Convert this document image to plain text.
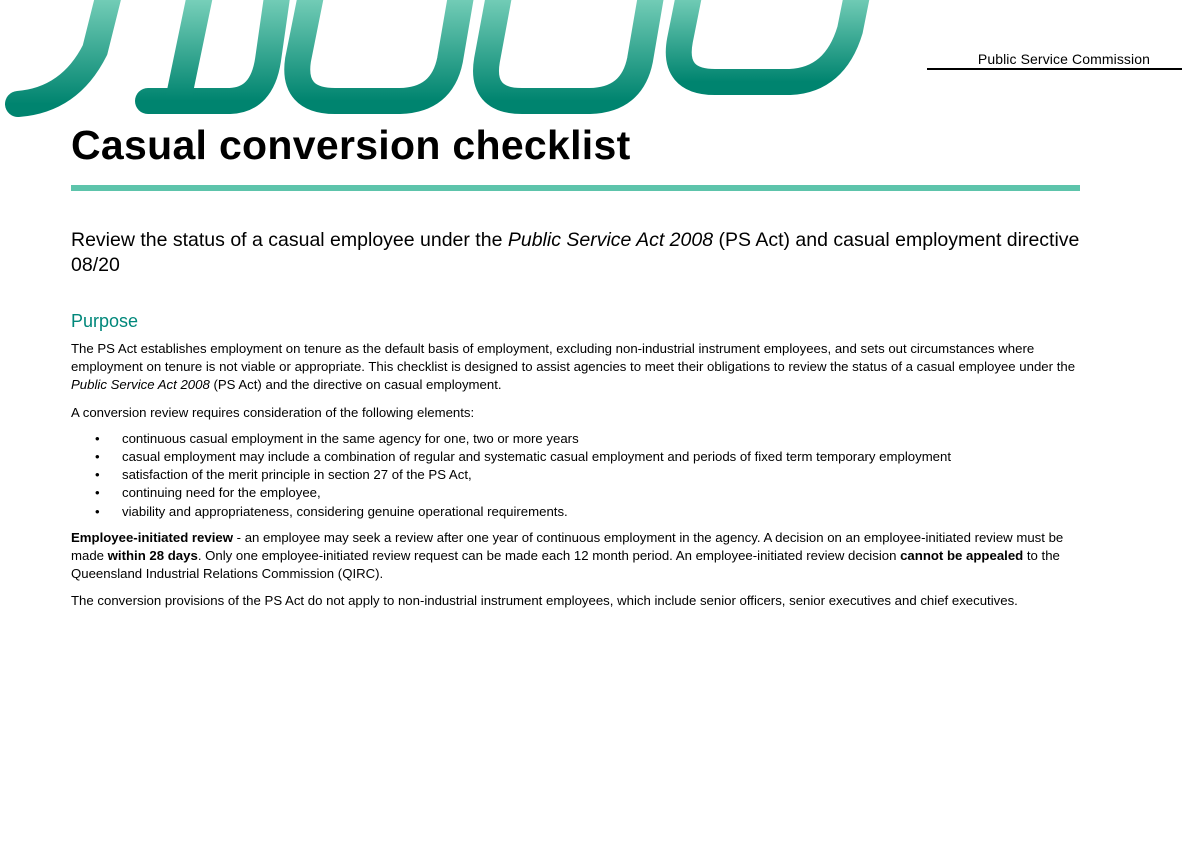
Public Service Commission
Casual conversion checklist

Review the status of a casual employee under the Public Service Act 2008 (PS Act) and casual employment directive 08/20

Purpose

The PS Act establishes employment on tenure as the default basis of employment, excluding non-industrial instrument employees, and sets out circumstances where employment on tenure is not viable or appropriate. This checklist is designed to assist agencies to meet their obligations to review the status of a casual employee under the Public Service Act 2008 (PS Act) and the directive on casual employment.

A conversion review requires consideration of the following elements:

• continuous casual employment in the same agency for one, two or more years
• casual employment may include a combination of regular and systematic casual employment and periods of fixed term temporary employment
• satisfaction of the merit principle in section 27 of the PS Act,
• continuing need for the employee,
• viability and appropriateness, considering genuine operational requirements.

Employee-initiated review - an employee may seek a review after one year of continuous employment in the agency. A decision on an employee-initiated review must be made within 28 days. Only one employee-initiated review request can be made each 12 month period. An employee-initiated review decision cannot be appealed to the Queensland Industrial Relations Commission (QIRC).

The conversion provisions of the PS Act do not apply to non-industrial instrument employees, which include senior officers, senior executives and chief executives.
